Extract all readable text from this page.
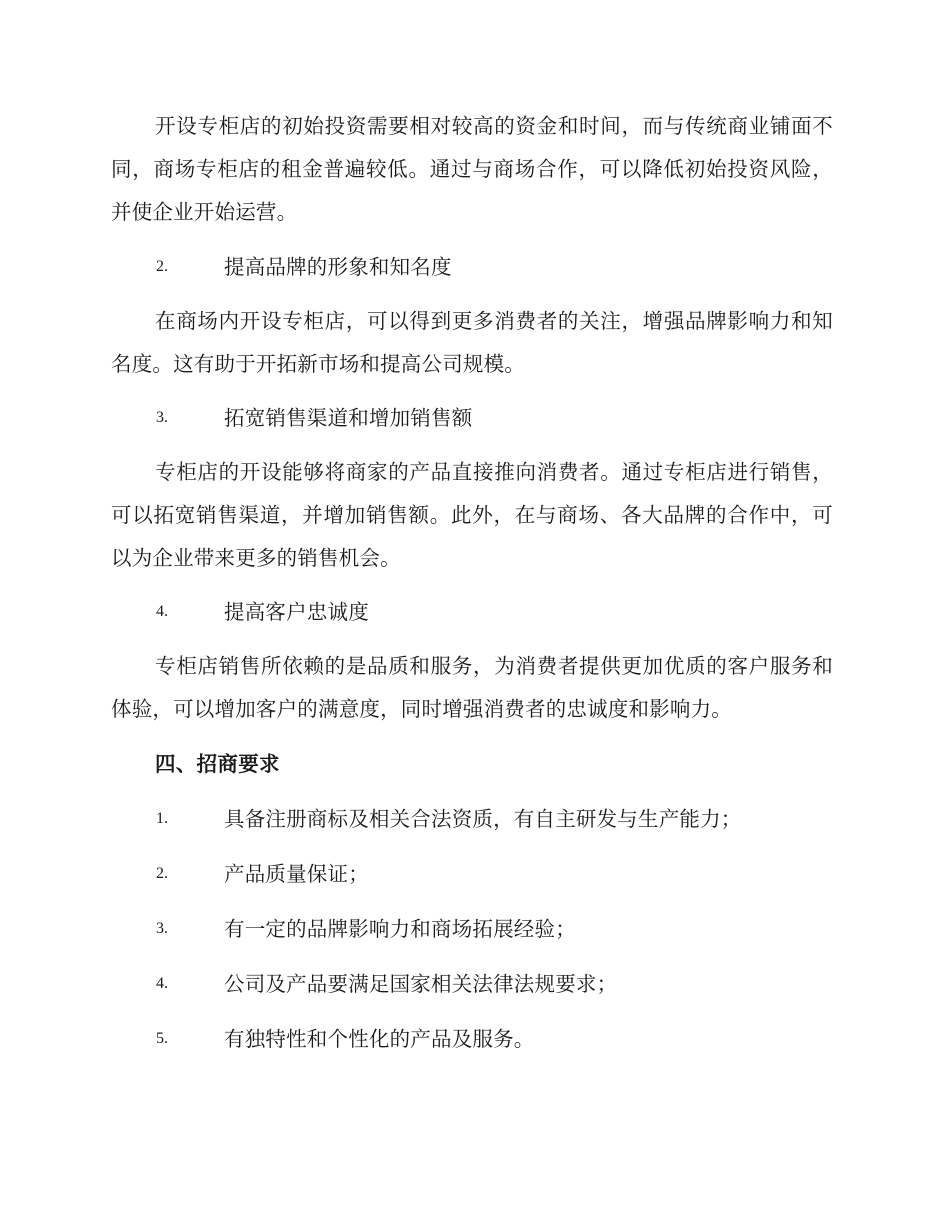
开设专柜店的初始投资需要相对较高的资金和时间，而与传统商业铺面不同，商场专柜店的租金普遍较低。通过与商场合作，可以降低初始投资风险，并使企业开始运营。

2.	提高品牌的形象和知名度

在商场内开设专柜店，可以得到更多消费者的关注，增强品牌影响力和知名度。这有助于开拓新市场和提高公司规模。

3.	拓宽销售渠道和增加销售额

专柜店的开设能够将商家的产品直接推向消费者。通过专柜店进行销售，可以拓宽销售渠道，并增加销售额。此外，在与商场、各大品牌的合作中，可以为企业带来更多的销售机会。

4.	提高客户忠诚度

专柜店销售所依赖的是品质和服务，为消费者提供更加优质的客户服务和体验，可以增加客户的满意度，同时增强消费者的忠诚度和影响力。

四、招商要求
1.	具备注册商标及相关合法资质，有自主研发与生产能力；
2.	产品质量保证；
3.	有一定的品牌影响力和商场拓展经验；
4.	公司及产品要满足国家相关法律法规要求；
5.	有独特性和个性化的产品及服务。
